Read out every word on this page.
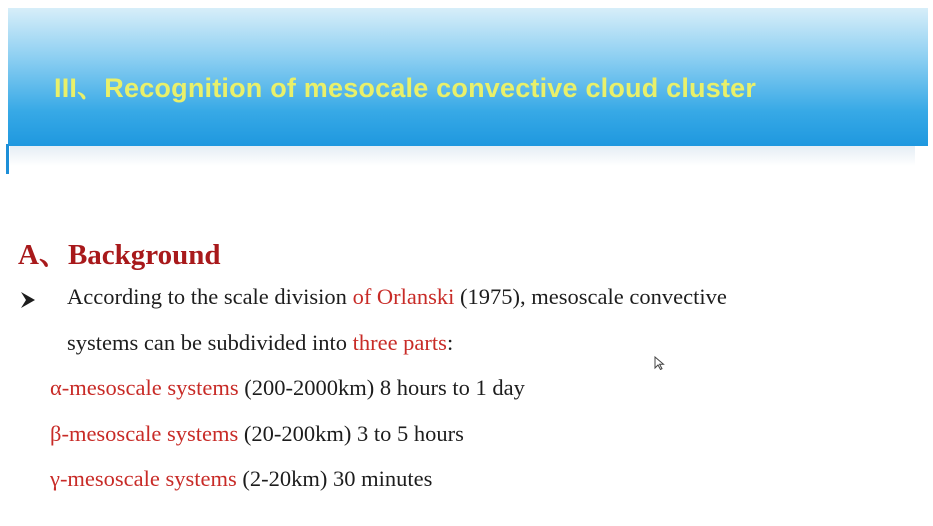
III、Recognition of mesocale convective cloud cluster
A、Background
According to the scale division of Orlanski (1975), mesoscale convective
systems can be subdivided into three parts:
α-mesoscale systems (200-2000km) 8 hours to 1 day
β-mesoscale systems (20-200km) 3 to 5 hours
γ-mesoscale systems (2-20km) 30 minutes
